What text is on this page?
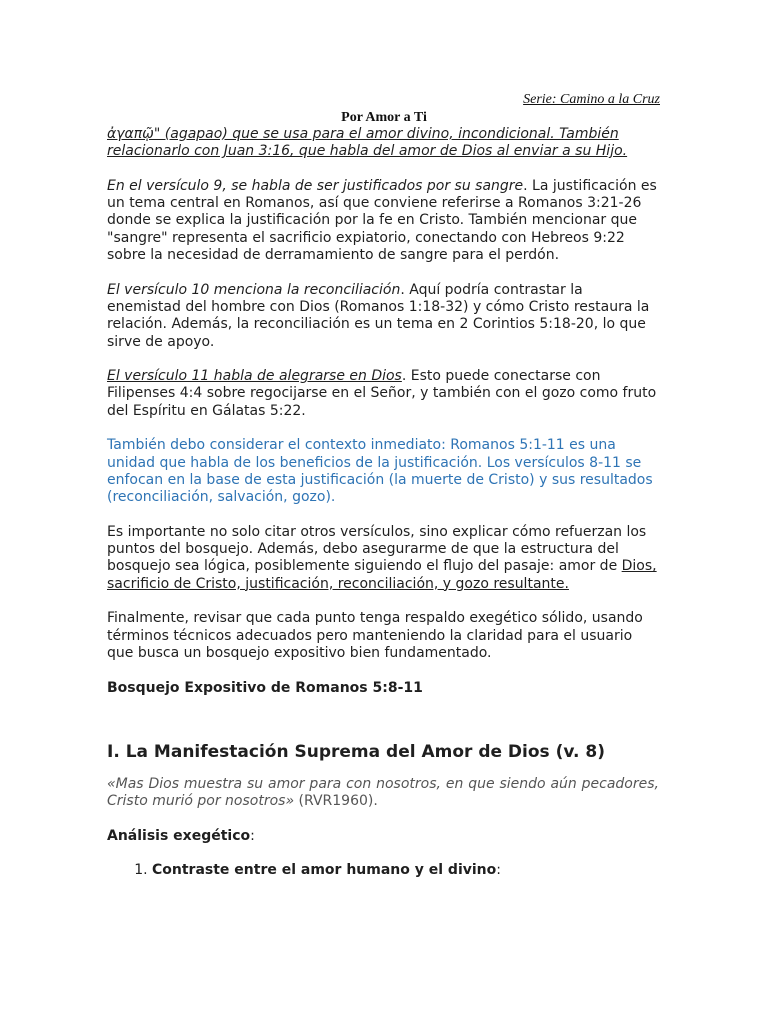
Serie: Camino a la Cruz
Por Amor a Ti

ἀγαπῷ" (agapao) que se usa para el amor divino, incondicional. También relacionarlo con Juan 3:16, que habla del amor de Dios al enviar a su Hijo.

En el versículo 9, se habla de ser justificados por su sangre. La justificación es un tema central en Romanos, así que conviene referirse a Romanos 3:21-26 donde se explica la justificación por la fe en Cristo. También mencionar que "sangre" representa el sacrificio expiatorio, conectando con Hebreos 9:22 sobre la necesidad de derramamiento de sangre para el perdón.

El versículo 10 menciona la reconciliación. Aquí podría contrastar la enemistad del hombre con Dios (Romanos 1:18-32) y cómo Cristo restaura la relación. Además, la reconciliación es un tema en 2 Corintios 5:18-20, lo que sirve de apoyo.

El versículo 11 habla de alegrarse en Dios. Esto puede conectarse con Filipenses 4:4 sobre regocijarse en el Señor, y también con el gozo como fruto del Espíritu en Gálatas 5:22.

También debo considerar el contexto inmediato: Romanos 5:1-11 es una unidad que habla de los beneficios de la justificación. Los versículos 8-11 se enfocan en la base de esta justificación (la muerte de Cristo) y sus resultados (reconciliación, salvación, gozo).

Es importante no solo citar otros versículos, sino explicar cómo refuerzan los puntos del bosquejo. Además, debo asegurarme de que la estructura del bosquejo sea lógica, posiblemente siguiendo el flujo del pasaje: amor de Dios, sacrificio de Cristo, justificación, reconciliación, y gozo resultante.

Finalmente, revisar que cada punto tenga respaldo exegético sólido, usando términos técnicos adecuados pero manteniendo la claridad para el usuario que busca un bosquejo expositivo bien fundamentado.

Bosquejo Expositivo de Romanos 5:8-11

I. La Manifestación Suprema del Amor de Dios (v. 8)

«Mas Dios muestra su amor para con nosotros, en que siendo aún pecadores, Cristo murió por nosotros» (RVR1960).

Análisis exegético:

1. Contraste entre el amor humano y el divino:
